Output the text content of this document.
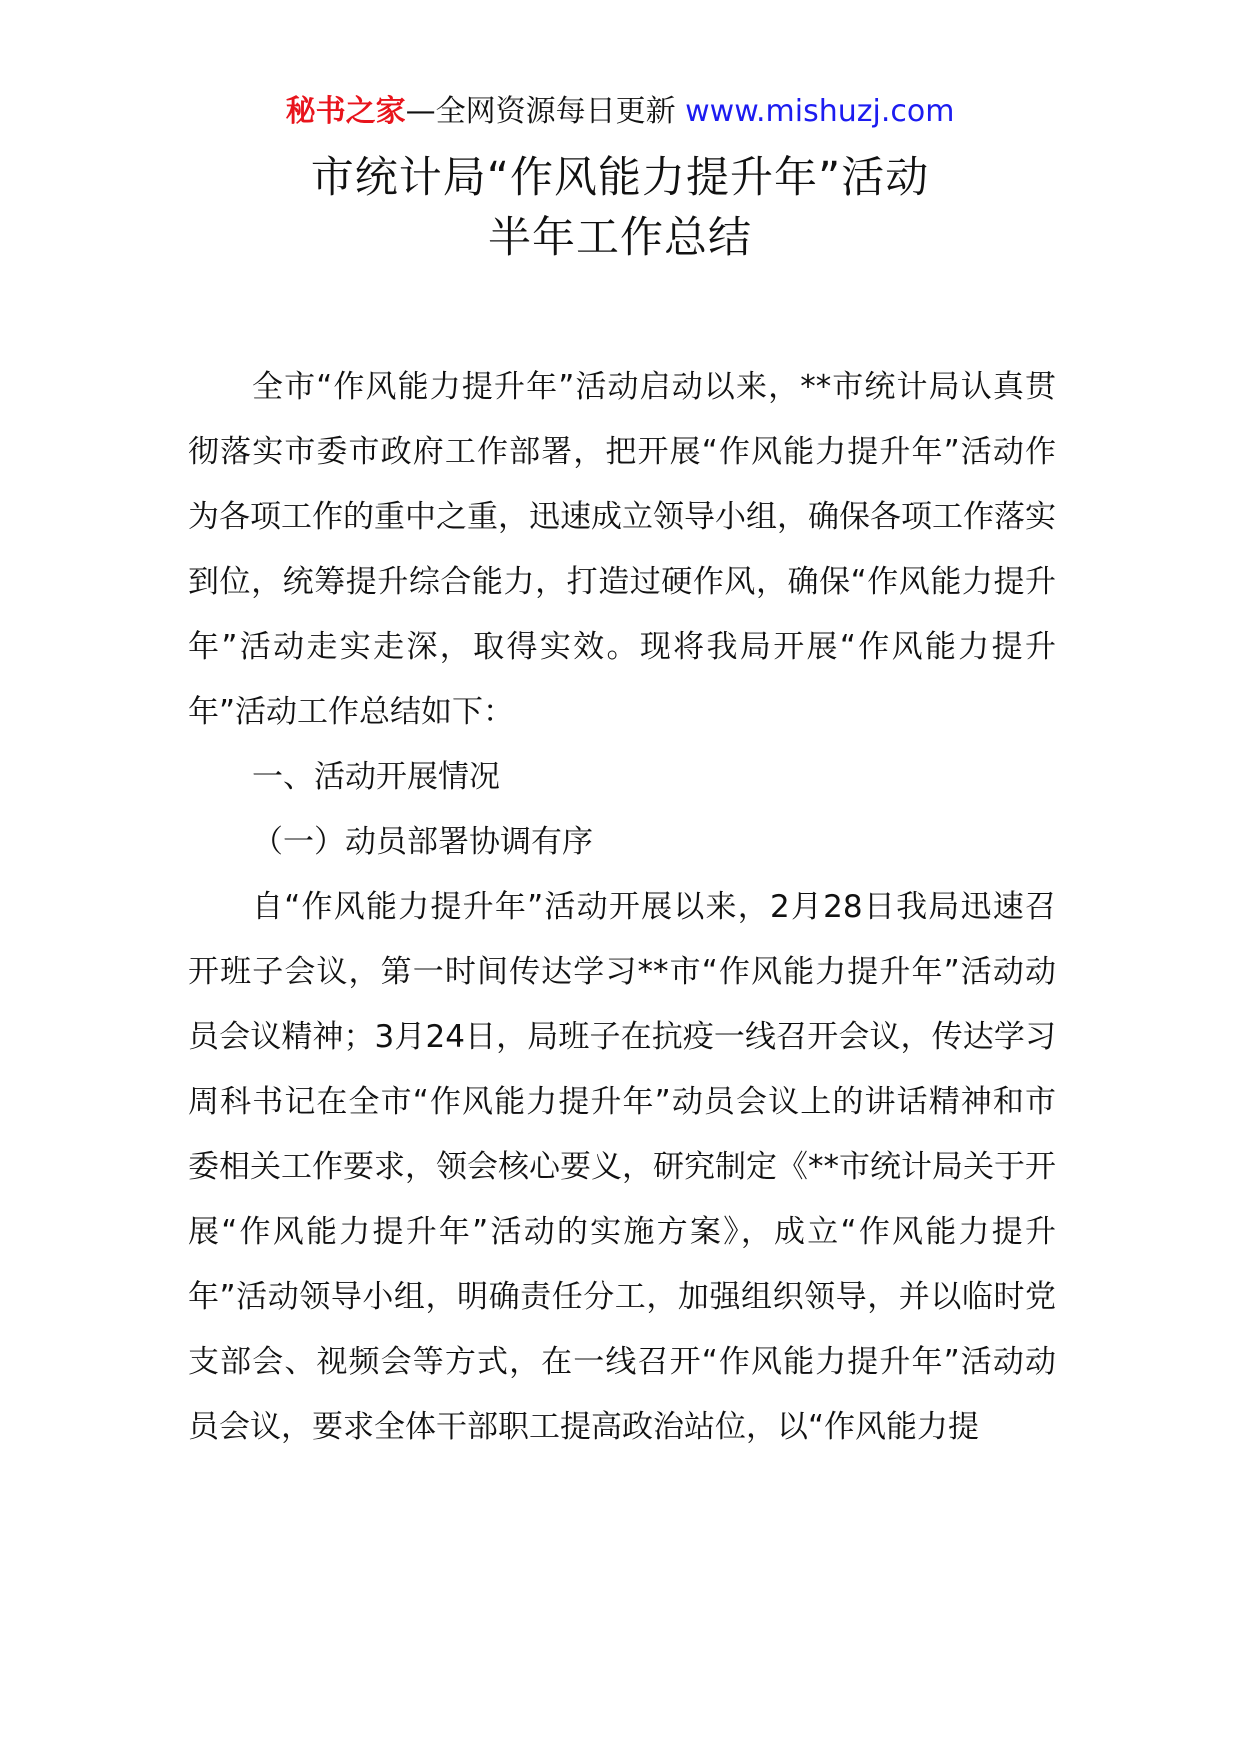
秘书之家—全网资源每日更新 www.mishuzj.com
市统计局“作风能力提升年”活动
半年工作总结

全市“作风能力提升年”活动启动以来，**市统计局认真贯彻落实市委市政府工作部署，把开展“作风能力提升年”活动作为各项工作的重中之重，迅速成立领导小组，确保各项工作落实到位，统筹提升综合能力，打造过硬作风，确保“作风能力提升年”活动走实走深，取得实效。现将我局开展“作风能力提升年”活动工作总结如下：

一、活动开展情况

（一）动员部署协调有序

自“作风能力提升年”活动开展以来，2月28日我局迅速召开班子会议，第一时间传达学习**市“作风能力提升年”活动动员会议精神；3月24日，局班子在抗疫一线召开会议，传达学习周科书记在全市“作风能力提升年”动员会议上的讲话精神和市委相关工作要求，领会核心要义，研究制定《**市统计局关于开展“作风能力提升年”活动的实施方案》，成立“作风能力提升年”活动领导小组，明确责任分工，加强组织领导，并以临时党支部会、视频会等方式，在一线召开“作风能力提升年”活动动员会议，要求全体干部职工提高政治站位，以“作风能力提
